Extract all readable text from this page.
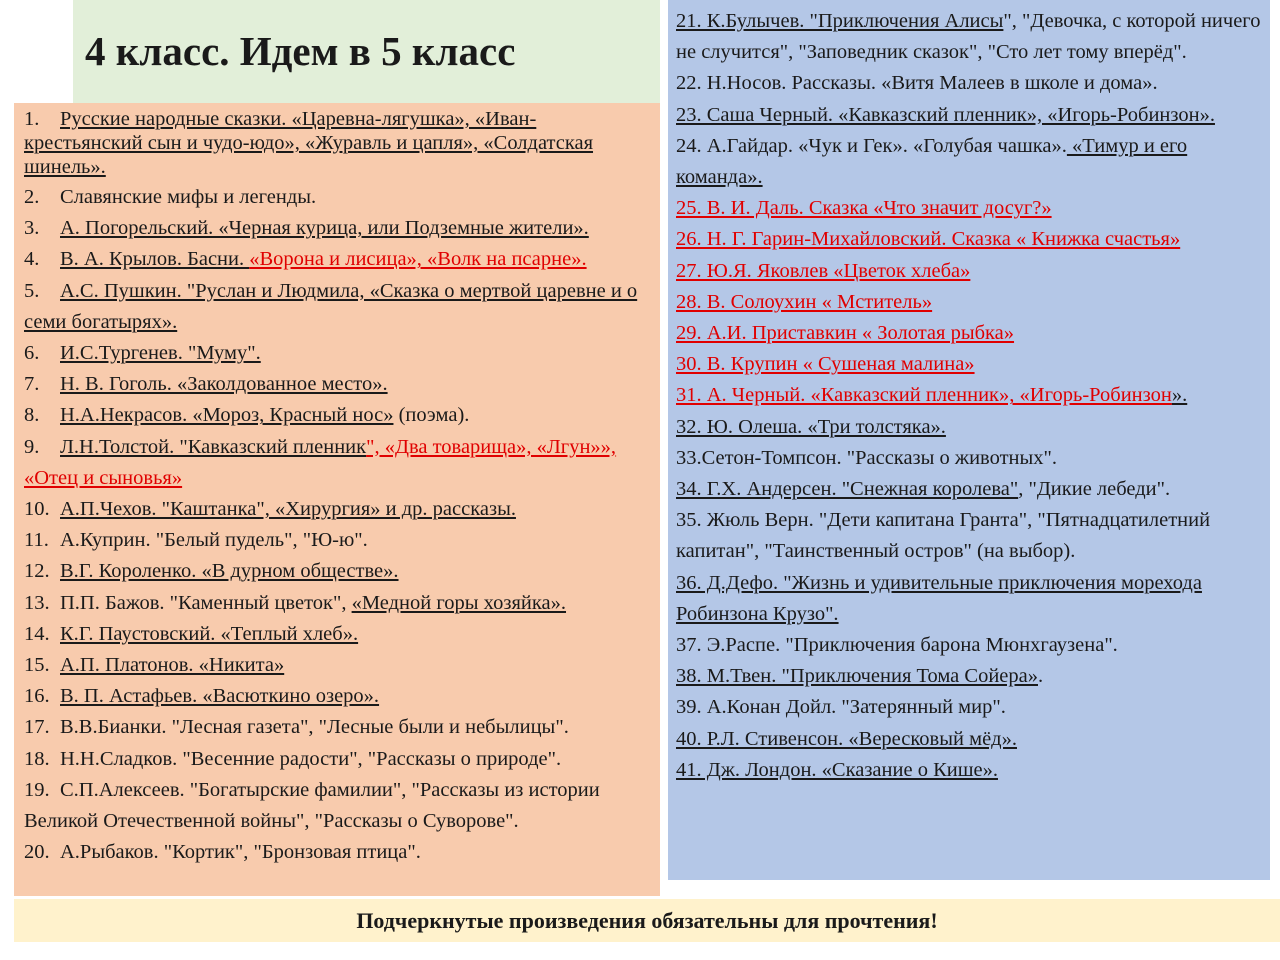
4 класс. Идем в 5 класс

1. Русские народные сказки. «Царевна-лягушка», «Иван-крестьянский сын и чудо-юдо», «Журавль и цапля», «Солдатская шинель».

2. Славянские мифы и легенды.

3. А. Погорельский. «Черная курица, или Подземные жители».

4. В. А. Крылов. Басни. «Ворона и лисица», «Волк на псарне».

5. А.С. Пушкин. "Руслан и Людмила, «Сказка о мертвой царевне и о семи богатырях».

6. И.С.Тургенев. "Муму".

7. Н. В. Гоголь. «Заколдованное место».

8. Н.А.Некрасов. «Мороз, Красный нос» (поэма).

9. Л.Н.Толстой. "Кавказский пленник", «Два товарища», «Лгун»», «Отец и сыновья»

10. А.П.Чехов. "Каштанка", «Хирургия» и др. рассказы.

11. А.Куприн. "Белый пудель", "Ю-ю".

12. В.Г. Короленко. «В дурном обществе».

13. П.П. Бажов. "Каменный цветок", «Медной горы хозяйка».

14. К.Г. Паустовский. «Теплый хлеб».

15. А.П. Платонов. «Никита»

16. В. П. Астафьев. «Васюткино озеро».

17. В.В.Бианки. "Лесная газета", "Лесные были и небылицы".

18. Н.Н.Сладков. "Весенние радости", "Рассказы о природе".

19. С.П.Алексеев. "Богатырские фамилии", "Рассказы из истории Великой Отечественной войны", "Рассказы о Суворове".

20. А.Рыбаков. "Кортик", "Бронзовая птица".

21. К.Булычев. "Приключения Алисы", "Девочка, с которой ничего не случится", "Заповедник сказок", "Сто лет тому вперёд".

22. Н.Носов. Рассказы. «Витя Малеев в школе и дома».

23. Саша Черный. «Кавказский пленник», «Игорь-Робинзон».

24. А.Гайдар. «Чук и Гек». «Голубая чашка». «Тимур и его команда».

25. В. И. Даль. Сказка «Что значит досуг?»

26. Н. Г. Гарин-Михайловский. Сказка « Книжка счастья»

27. Ю.Я. Яковлев «Цветок хлеба»

28. В. Солоухин « Мститель»

29. А.И. Приставкин « Золотая рыбка»

30. В. Крупин « Сушеная малина»

31. А. Черный. «Кавказский пленник», «Игорь-Робинзон».

32. Ю. Олеша. «Три толстяка».

33.Сетон-Томпсон. "Рассказы о животных".

34. Г.Х. Андерсен. "Снежная королева", "Дикие лебеди".

35. Жюль Верн. "Дети капитана Гранта", "Пятнадцатилетний капитан", "Таинственный остров" (на выбор).

36. Д.Дефо. "Жизнь и удивительные приключения морехода Робинзона Крузо".

37. Э.Распе. "Приключения барона Мюнхгаузена".

38. М.Твен. "Приключения Тома Сойера».

39. А.Конан Дойл. "Затерянный мир".

40. Р.Л. Стивенсон. «Вересковый мёд».

41. Дж. Лондон. «Сказание о Кише».

Подчеркнутые произведения обязательны для прочтения!
